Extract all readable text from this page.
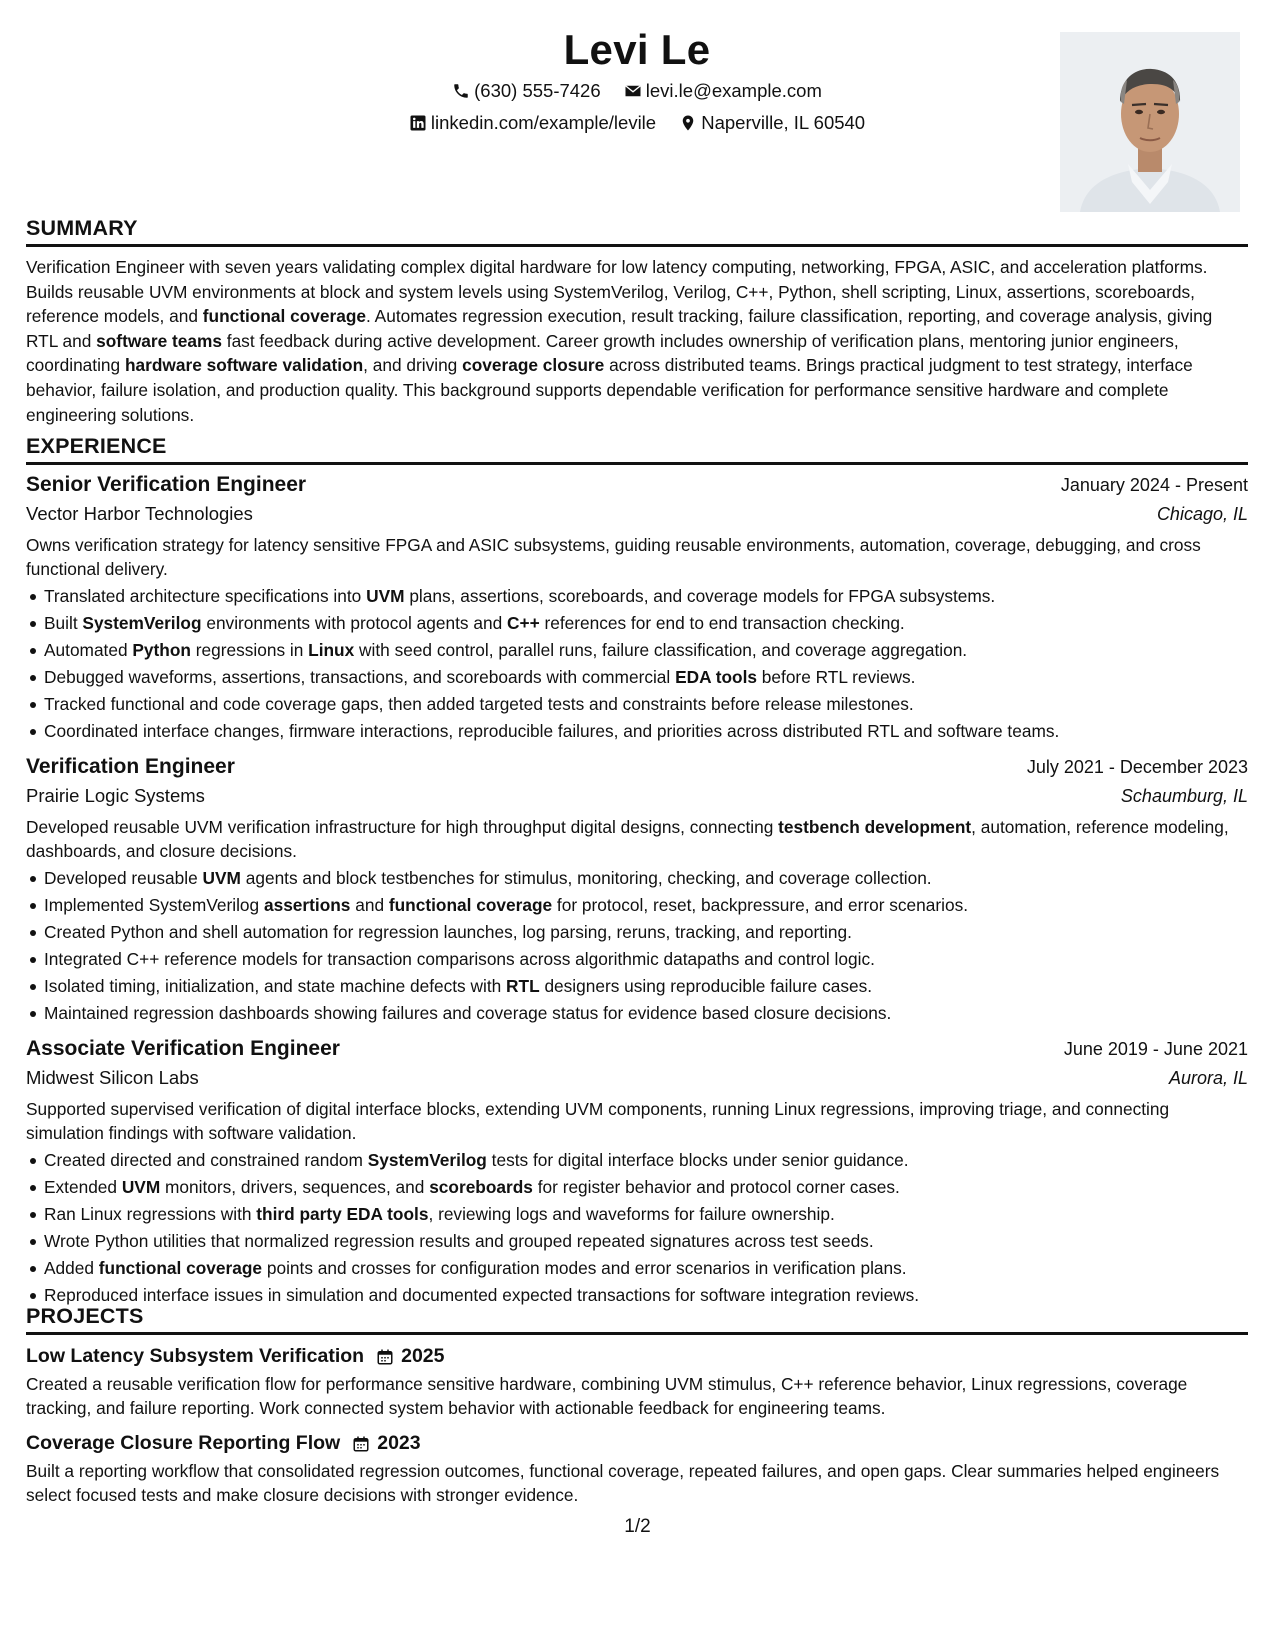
Levi Le
(630) 555-7426
levi.le@example.com
linkedin.com/example/levile
Naperville, IL 60540
SUMMARY
Verification Engineer with seven years validating complex digital hardware for low latency computing, networking, FPGA, ASIC, and acceleration platforms. Builds reusable UVM environments at block and system levels using SystemVerilog, Verilog, C++, Python, shell scripting, Linux, assertions, scoreboards, reference models, and functional coverage. Automates regression execution, result tracking, failure classification, reporting, and coverage analysis, giving RTL and software teams fast feedback during active development. Career growth includes ownership of verification plans, mentoring junior engineers, coordinating hardware software validation, and driving coverage closure across distributed teams. Brings practical judgment to test strategy, interface behavior, failure isolation, and production quality. This background supports dependable verification for performance sensitive hardware and complete engineering solutions.
EXPERIENCE
Senior Verification Engineer	January 2024 - Present
Vector Harbor Technologies	Chicago, IL
Owns verification strategy for latency sensitive FPGA and ASIC subsystems, guiding reusable environments, automation, coverage, debugging, and cross functional delivery.
Translated architecture specifications into UVM plans, assertions, scoreboards, and coverage models for FPGA subsystems.
Built SystemVerilog environments with protocol agents and C++ references for end to end transaction checking.
Automated Python regressions in Linux with seed control, parallel runs, failure classification, and coverage aggregation.
Debugged waveforms, assertions, transactions, and scoreboards with commercial EDA tools before RTL reviews.
Tracked functional and code coverage gaps, then added targeted tests and constraints before release milestones.
Coordinated interface changes, firmware interactions, reproducible failures, and priorities across distributed RTL and software teams.
Verification Engineer	July 2021 - December 2023
Prairie Logic Systems	Schaumburg, IL
Developed reusable UVM verification infrastructure for high throughput digital designs, connecting testbench development, automation, reference modeling, dashboards, and closure decisions.
Developed reusable UVM agents and block testbenches for stimulus, monitoring, checking, and coverage collection.
Implemented SystemVerilog assertions and functional coverage for protocol, reset, backpressure, and error scenarios.
Created Python and shell automation for regression launches, log parsing, reruns, tracking, and reporting.
Integrated C++ reference models for transaction comparisons across algorithmic datapaths and control logic.
Isolated timing, initialization, and state machine defects with RTL designers using reproducible failure cases.
Maintained regression dashboards showing failures and coverage status for evidence based closure decisions.
Associate Verification Engineer	June 2019 - June 2021
Midwest Silicon Labs	Aurora, IL
Supported supervised verification of digital interface blocks, extending UVM components, running Linux regressions, improving triage, and connecting simulation findings with software validation.
Created directed and constrained random SystemVerilog tests for digital interface blocks under senior guidance.
Extended UVM monitors, drivers, sequences, and scoreboards for register behavior and protocol corner cases.
Ran Linux regressions with third party EDA tools, reviewing logs and waveforms for failure ownership.
Wrote Python utilities that normalized regression results and grouped repeated signatures across test seeds.
Added functional coverage points and crosses for configuration modes and error scenarios in verification plans.
Reproduced interface issues in simulation and documented expected transactions for software integration reviews.
PROJECTS
Low Latency Subsystem Verification 2025
Created a reusable verification flow for performance sensitive hardware, combining UVM stimulus, C++ reference behavior, Linux regressions, coverage tracking, and failure reporting. Work connected system behavior with actionable feedback for engineering teams.
Coverage Closure Reporting Flow 2023
Built a reporting workflow that consolidated regression outcomes, functional coverage, repeated failures, and open gaps. Clear summaries helped engineers select focused tests and make closure decisions with stronger evidence.
1/2
